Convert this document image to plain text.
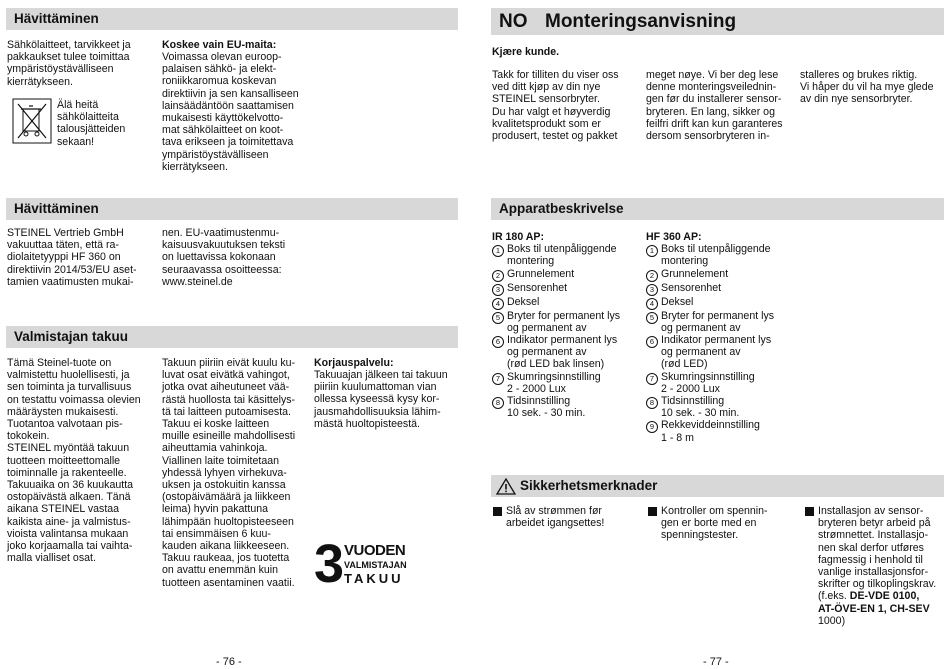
Hävittäminen
Sähkölaitteet, tarvikkeet ja
pakkaukset tulee toimittaa
ympäristöystävälliseen
kierrätykseen.
Älä heitä
sähkölaitteita
talousjätteiden
sekaan!
Koskee vain EU-maita:
Voimassa olevan euroop-
palaisen sähkö- ja elekt-
roniikkaromua koskevan
direktiivin ja sen kansalliseen
lainsäädäntöön saattamisen
mukaisesti käyttökelvotto-
mat sähkölaitteet on koot-
tava erikseen ja toimitettava
ympäristöystävälliseen
kierrätykseen.
Hävittäminen
STEINEL Vertrieb GmbH
vakuuttaa täten, että ra-
diolaitetyyppi HF 360 on
direktiivin 2014/53/EU aset-
tamien vaatimusten mukai-
nen. EU-vaatimustenmu-
kaisuusvakuutuksen teksti
on luettavissa kokonaan
seuraavassa osoitteessa:
www.steinel.de
Valmistajan takuu
Tämä Steinel-tuote on
valmistettu huolellisesti, ja
sen toiminta ja turvallisuus
on testattu voimassa olevien
määräysten mukaisesti.
Tuotantoa valvotaan pis-
tokokein.
STEINEL myöntää takuun
tuotteen moitteettomalle
toiminnalle ja rakenteelle.
Takuuaika on 36 kuukautta
ostopäivästä alkaen. Tänä
aikana STEINEL vastaa
kaikista aine- ja valmistus-
vioista valintansa mukaan
joko korjaamalla tai vaihta-
malla vialliset osat.
Takuun piiriin eivät kuulu ku-
luvat osat eivätkä vahingot,
jotka ovat aiheutuneet vää-
rästä huollosta tai käsittelys-
tä tai laitteen putoamisesta.
Takuu ei koske laitteen
muille esineille mahdollisesti
aiheuttamia vahinkoja.
Viallinen laite toimitetaan
yhdessä lyhyen virhekuva-
uksen ja ostokuitin kanssa
(ostopäivämäärä ja liikkeen
leima) hyvin pakattuna
lähimpään huoltopisteeseen
tai ensimmäisen 6 kuu-
kauden aikana liikkeeseen.
Takuu raukeaa, jos tuotetta
on avattu enemmän kuin
tuotteen asentaminen vaatii.
Korjauspalvelu:
Takuuajan jälkeen tai takuun
piiriin kuulumattoman vian
ollessa kyseessä kysy kor-
jausmahdollisuuksia lähim-
mästä huoltopisteestä.
3 VUODEN
VALMISTAJAN
TAKUU
- 76 -
NO Monteringsanvisning
Kjære kunde.
Takk for tilliten du viser oss
ved ditt kjøp av din nye
STEINEL sensorbryter.
Du har valgt et høyverdig
kvalitetsprodukt som er
produsert, testet og pakket
meget nøye. Vi ber deg lese
denne monteringsveilednin-
gen før du installerer sensor-
bryteren. En lang, sikker og
feilfri drift kan kun garanteres
dersom sensorbryteren in-
stalleres og brukes riktig.
Vi håper du vil ha mye glede
av din nye sensorbryter.
Apparatbeskrivelse
IR 180 AP:
1 Boks til utenpåliggende
montering
2 Grunnelement
3 Sensorenhet
4 Deksel
5 Bryter for permanent lys
og permanent av
6 Indikator permanent lys
og permanent av
(rød LED bak linsen)
7 Skumringsinnstilling
2 - 2000 Lux
8 Tidsinnstilling
10 sek. - 30 min.
HF 360 AP:
1 Boks til utenpåliggende
montering
2 Grunnelement
3 Sensorenhet
4 Deksel
5 Bryter for permanent lys
og permanent av
6 Indikator permanent lys
og permanent av
(rød LED)
7 Skumringsinnstilling
2 - 2000 Lux
8 Tidsinnstilling
10 sek. - 30 min.
9 Rekkeviddeinnstilling
1 - 8 m
Sikkerhetsmerknader
Slå av strømmen før
arbeidet igangsettes!
Kontroller om spennin-
gen er borte med en
spenningstester.
Installasjon av sensor-
bryteren betyr arbeid på
strømnettet. Installasjo-
nen skal derfor utføres
fagmessig i henhold til
vanlige installasjonsfor-
skrifter og tilkoplingskrav.
(f.eks. DE-VDE 0100,
AT-ÖVE-EN 1, CH-SEV
1000)
- 77 -
